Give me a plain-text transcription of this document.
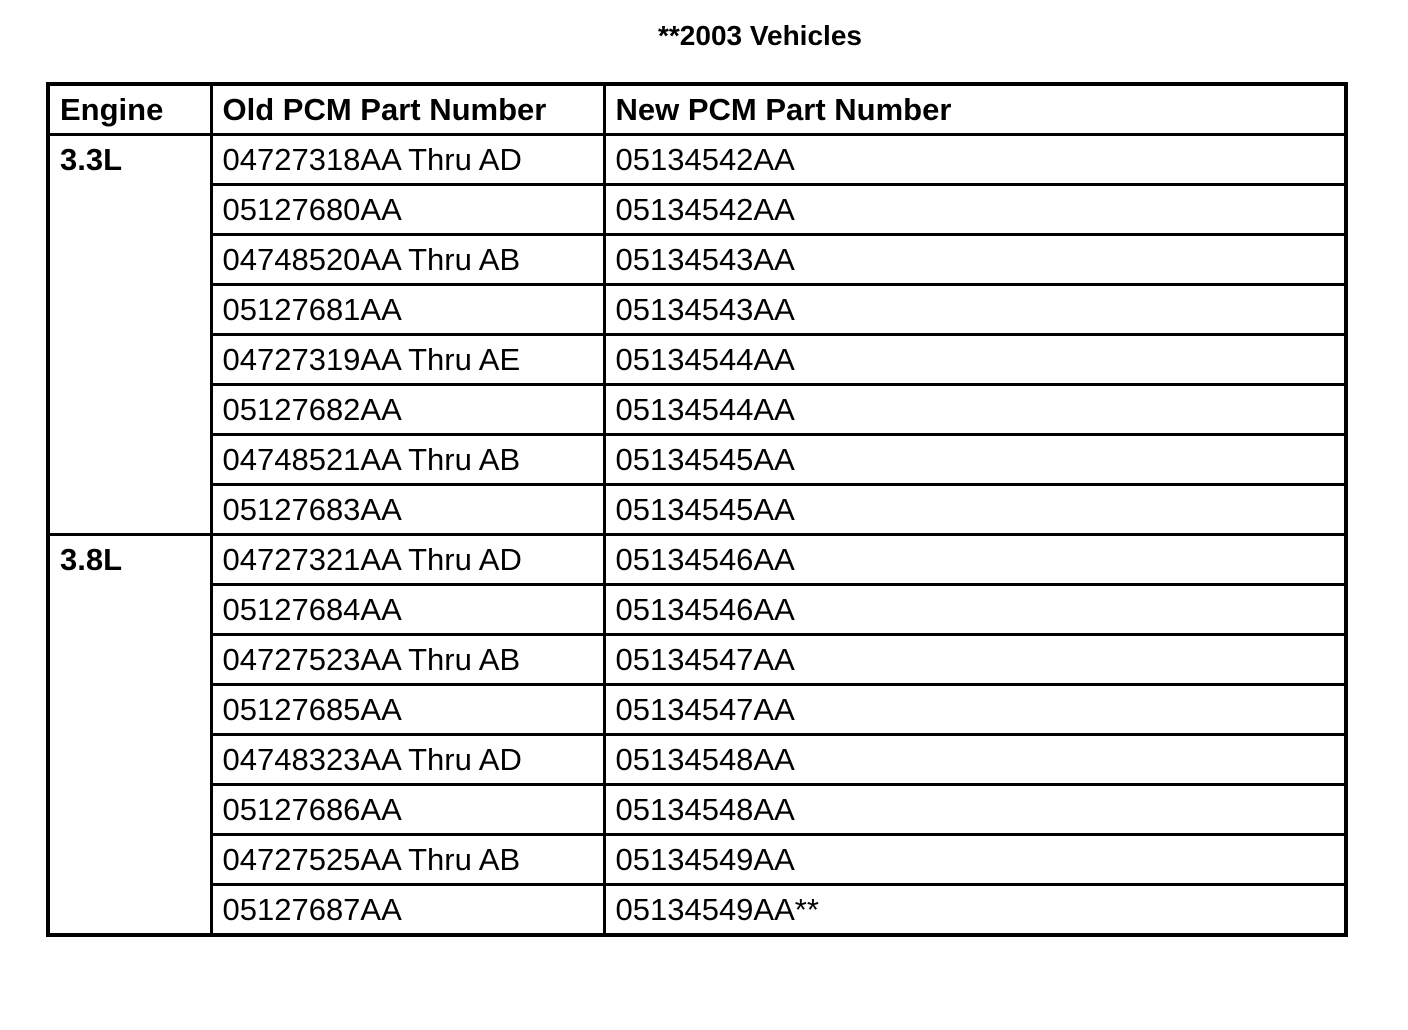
**2003 Vehicles
Engine	Old PCM Part Number	New PCM Part Number
3.3L	04727318AA Thru AD	05134542AA
	05127680AA	05134542AA
	04748520AA Thru AB	05134543AA
	05127681AA	05134543AA
	04727319AA Thru AE	05134544AA
	05127682AA	05134544AA
	04748521AA Thru AB	05134545AA
	05127683AA	05134545AA
3.8L	04727321AA Thru AD	05134546AA
	05127684AA	05134546AA
	04727523AA Thru AB	05134547AA
	05127685AA	05134547AA
	04748323AA Thru AD	05134548AA
	05127686AA	05134548AA
	04727525AA Thru AB	05134549AA
	05127687AA	05134549AA**
